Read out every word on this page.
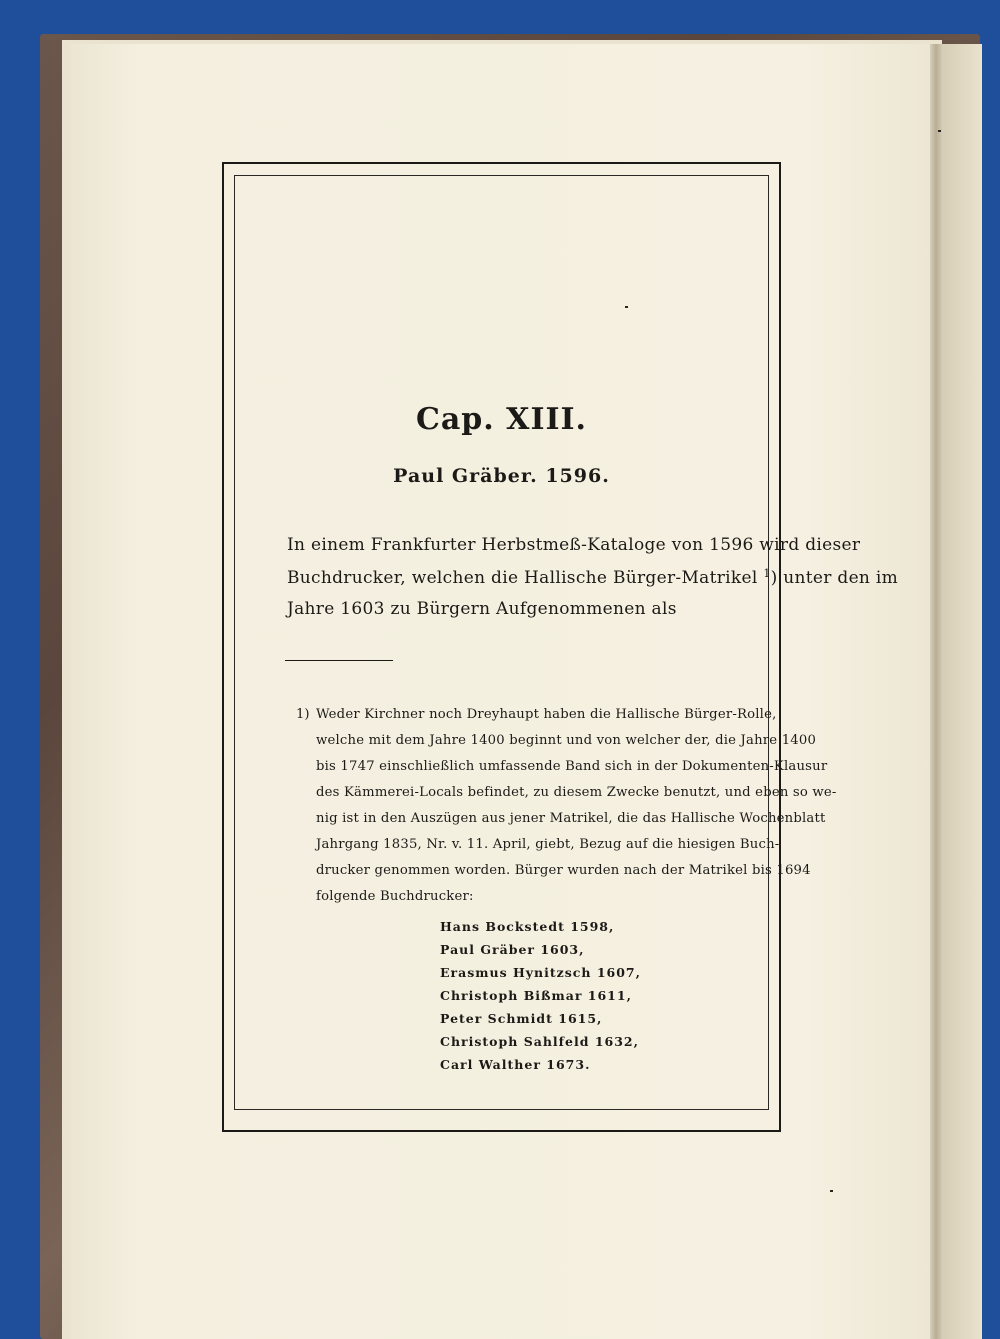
Cap. XIII.
Paul Gräber. 1596.
In einem Frankfurter Herbstmeß-Kataloge von 1596 wird dieser
Buchdrucker, welchen die Hallische Bürger-Matrikel $^1$) unter den im
Jahre 1603 zu Bürgern Aufgenommenen als
1) Weder Kirchner noch Dreyhaupt haben die Hallische Bürger-Rolle,
welche mit dem Jahre 1400 beginnt und von welcher der, die Jahre 1400
bis 1747 einschließlich umfassende Band sich in der Dokumenten-Klausur
des Kämmerei-Locals befindet, zu diesem Zwecke benutzt, und eben so we-
nig ist in den Auszügen aus jener Matrikel, die das Hallische Wochenblatt
Jahrgang 1835, Nr. v. 11. April, giebt, Bezug auf die hiesigen Buch-
drucker genommen worden. Bürger wurden nach der Matrikel bis 1694
folgende Buchdrucker:
Hans Bockstedt 1598,
Paul Gräber 1603,
Erasmus Hynitzsch 1607,
Christoph Bißmar 1611,
Peter Schmidt 1615,
Christoph Sahlfeld 1632,
Carl Walther 1673.
